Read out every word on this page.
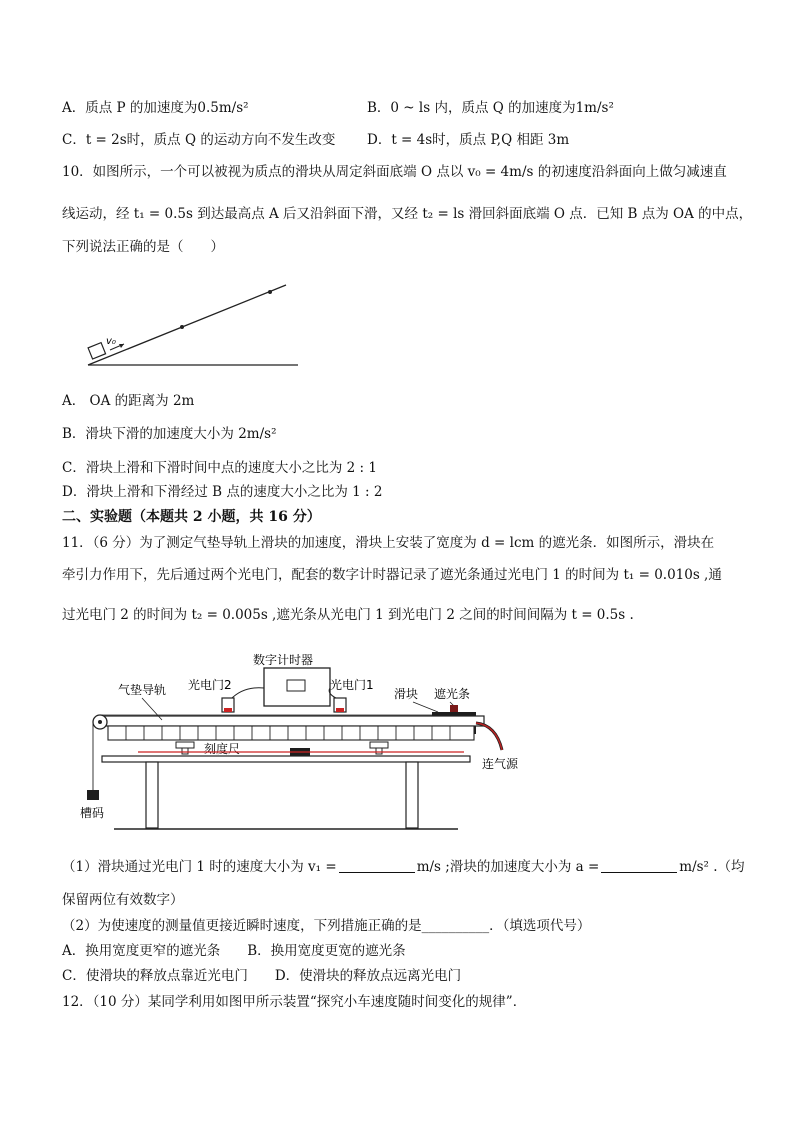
A．质点 P 的加速度为0.5m/s²	B．0 ~ ls 内，质点 Q 的加速度为1m/s²
C．t = 2s时，质点 Q 的运动方向不发生改变 D．t = 4s时，质点 P,Q 相距 3m
10．如图所示，一个可以被视为质点的滑块从周定斜面底端 O 点以 v₀ = 4m/s 的初速度沿斜面向上做匀减速直
线运动，经 t₁ = 0.5s 到达最高点 A 后又沿斜面下滑，又经 t₂ = ls 滑回斜面底端 O 点．已知 B 点为 OA 的中点，
下列说法正确的是（　　）
v₀
A． OA 的距离为 2m
B．滑块下滑的加速度大小为 2m/s²
C．滑块上滑和下滑时间中点的速度大小之比为 2 : 1
D．滑块上滑和下滑经过 B 点的速度大小之比为 1 : 2
二、实验题（本题共 2 小题，共 16 分）
11．（6 分）为了测定气垫导轨上滑块的加速度，滑块上安装了宽度为 d = lcm 的遮光条．如图所示，滑块在
牵引力作用下，先后通过两个光电门，配套的数字计时器记录了遮光条通过光电门 1 的时间为 t₁ = 0.010s ,通
过光电门 2 的时间为 t₂ = 0.005s ,遮光条从光电门 1 到光电门 2 之间的时间间隔为 t = 0.5s .
数字计时器
光电门2	光电门1
滑块 遮光条
气垫导轨
槽码
刻度尺
连气源
（1）滑块通过光电门 1 时的速度大小为 v₁ =	m/s ;滑块的加速度大小为 a =	m/s² .（均
保留两位有效数字）
（2）为使速度的测量值更接近瞬时速度，下列措施正确的是__________．（填选项代号）
A．换用宽度更窄的遮光条　　B．换用宽度更宽的遮光条
C．使滑块的释放点靠近光电门　　D．使滑块的释放点远离光电门
12．（10 分）某同学利用如图甲所示装置“探究小车速度随时间变化的规律”．
